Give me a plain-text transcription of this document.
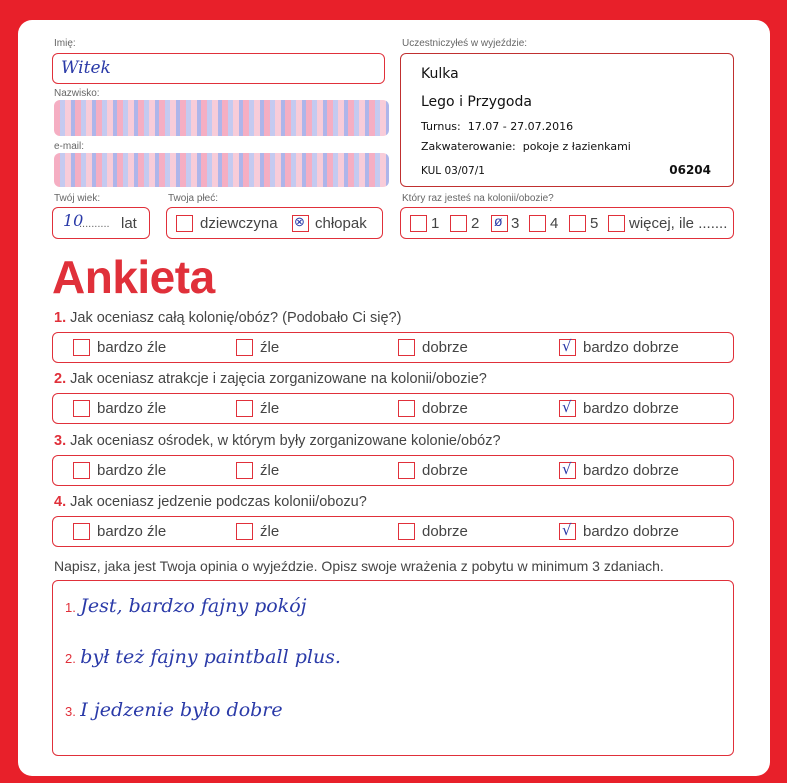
Imię:
Witek
Nazwisko:
e-mail:
Twój wiek:
10
.......... lat
Twoja płeć:
dziewczyna ⊗ chłopak
Uczestniczyłeś w wyjeździe:
Kulka
Lego i Przygoda
Turnus: 17.07 - 27.07.2016
Zakwaterowanie: pokoje z łazienkami
KUL 03/07/1	06204
Który raz jesteś na kolonii/obozie?
1 2 ø 3 4 5 więcej, ile .......
Ankieta
Napisz, jaka jest Twoja opinia o wyjeździe. Opisz swoje wrażenia z pobytu w minimum 3 zdaniach.
1. Jest, bardzo fajny pokój
2. był też fajny paintball plus.
3. I jedzenie było dobre
1. Jak oceniasz całą kolonię/obóz? (Podobało Ci się?)
bardzo źle	źle	dobrze	√ bardzo dobrze
2. Jak oceniasz atrakcje i zajęcia zorganizowane na kolonii/obozie?
bardzo źle	źle	dobrze	√ bardzo dobrze
3. Jak oceniasz ośrodek, w którym były zorganizowane kolonie/obóz?
bardzo źle	źle	dobrze	√ bardzo dobrze
4. Jak oceniasz jedzenie podczas kolonii/obozu?
bardzo źle	źle	dobrze	√ bardzo dobrze
